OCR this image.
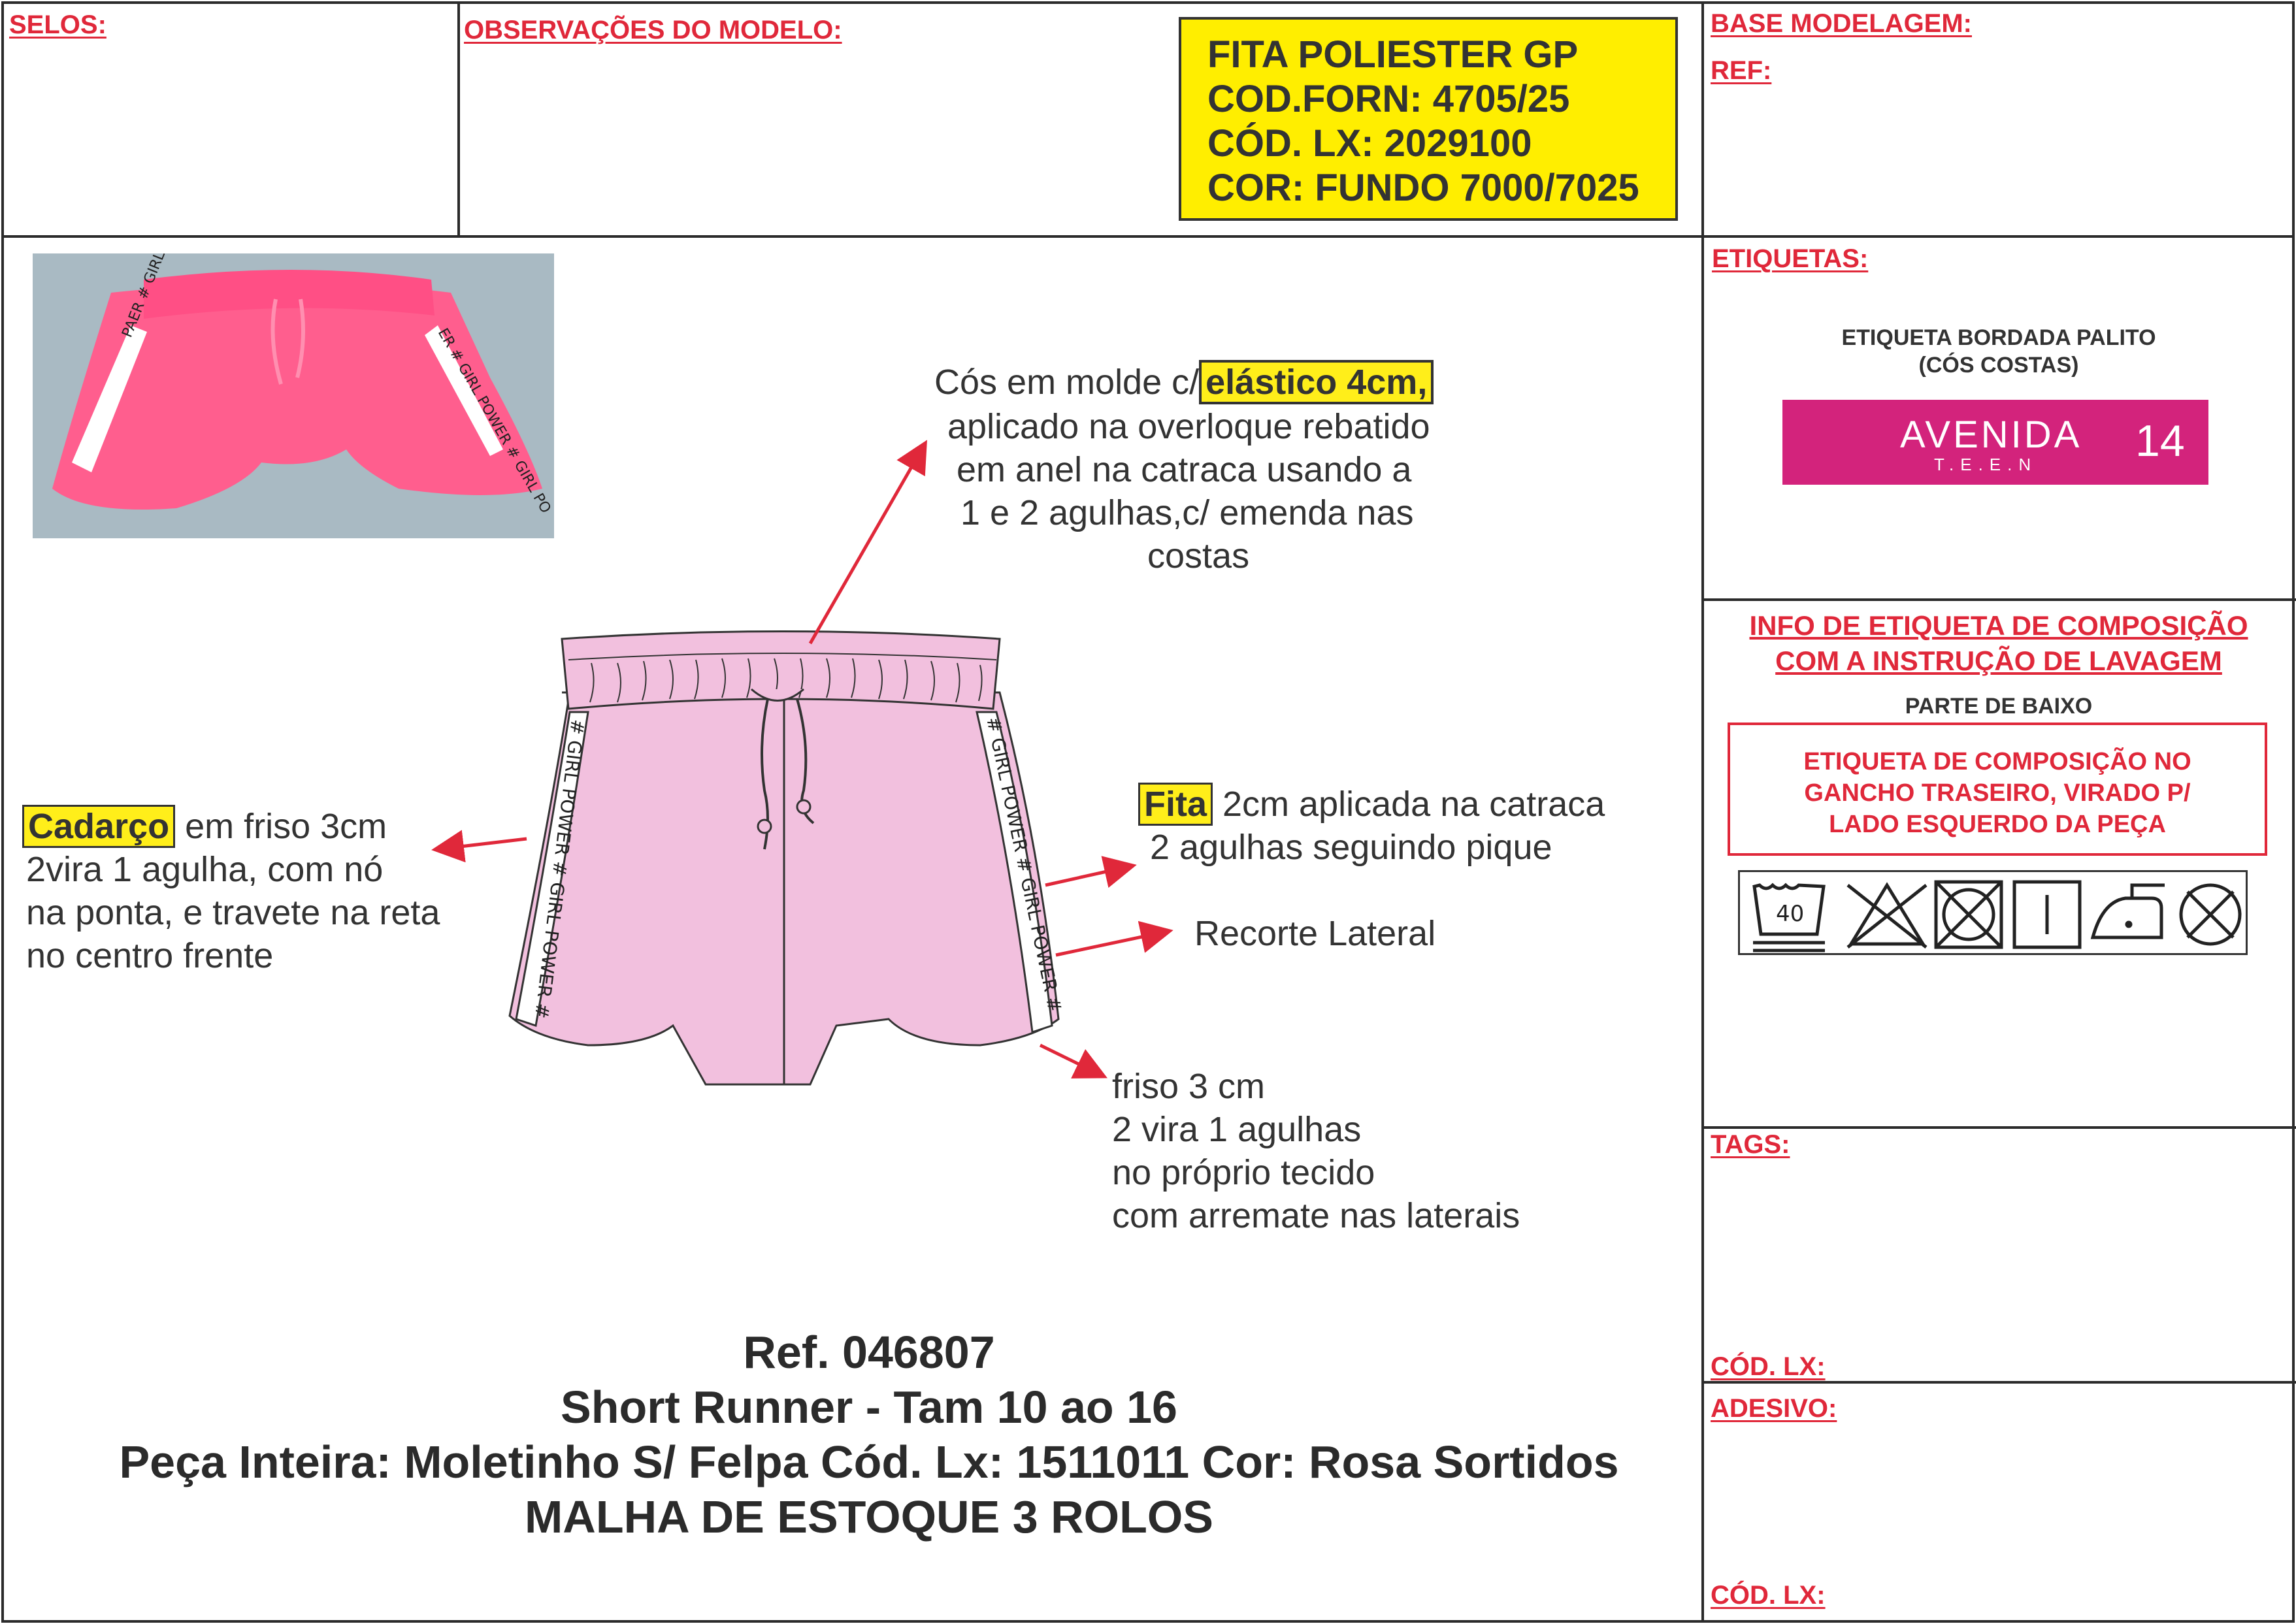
SELOS:	OBSERVAÇÕES DO MODELO:	BASE MODELAGEM:
REF:
FITA POLIESTER GP
COD.FORN: 4705/25
CÓD. LX: 2029100
COR: FUNDO 7000/7025
PAER # GIRL
ER # GIRL POWER # GIRL PO
# GIRL POWER # GIRL POWER #	# GIRL POWER # GIRL POWER #
Cós em molde c/ elástico 4cm,
aplicado na overloque rebatido
em anel na catraca usando a
1 e 2 agulhas,c/ emenda nas
costas
Cadarço em friso 3cm
2vira 1 agulha, com nó
na ponta, e travete na reta
no centro frente
Fita 2cm aplicada na catraca
2 agulhas seguindo pique
Recorte Lateral
friso 3 cm
2 vira 1 agulhas
no próprio tecido
com arremate nas laterais
Ref. 046807
Short Runner - Tam 10 ao 16
Peça Inteira: Moletinho S/ Felpa Cód. Lx: 1511011 Cor: Rosa Sortidos
MALHA DE ESTOQUE 3 ROLOS
ETIQUETAS:
ETIQUETA BORDADA PALITO
(CÓS COSTAS)
AVENIDA
T.E.E.N 14
INFO DE ETIQUETA DE COMPOSIÇÃO
COM A INSTRUÇÃO DE LAVAGEM
PARTE DE BAIXO
ETIQUETA DE COMPOSIÇÃO NO
GANCHO TRASEIRO, VIRADO P/
LADO ESQUERDO DA PEÇA
40
TAGS:
CÓD. LX:
ADESIVO:
CÓD. LX:
